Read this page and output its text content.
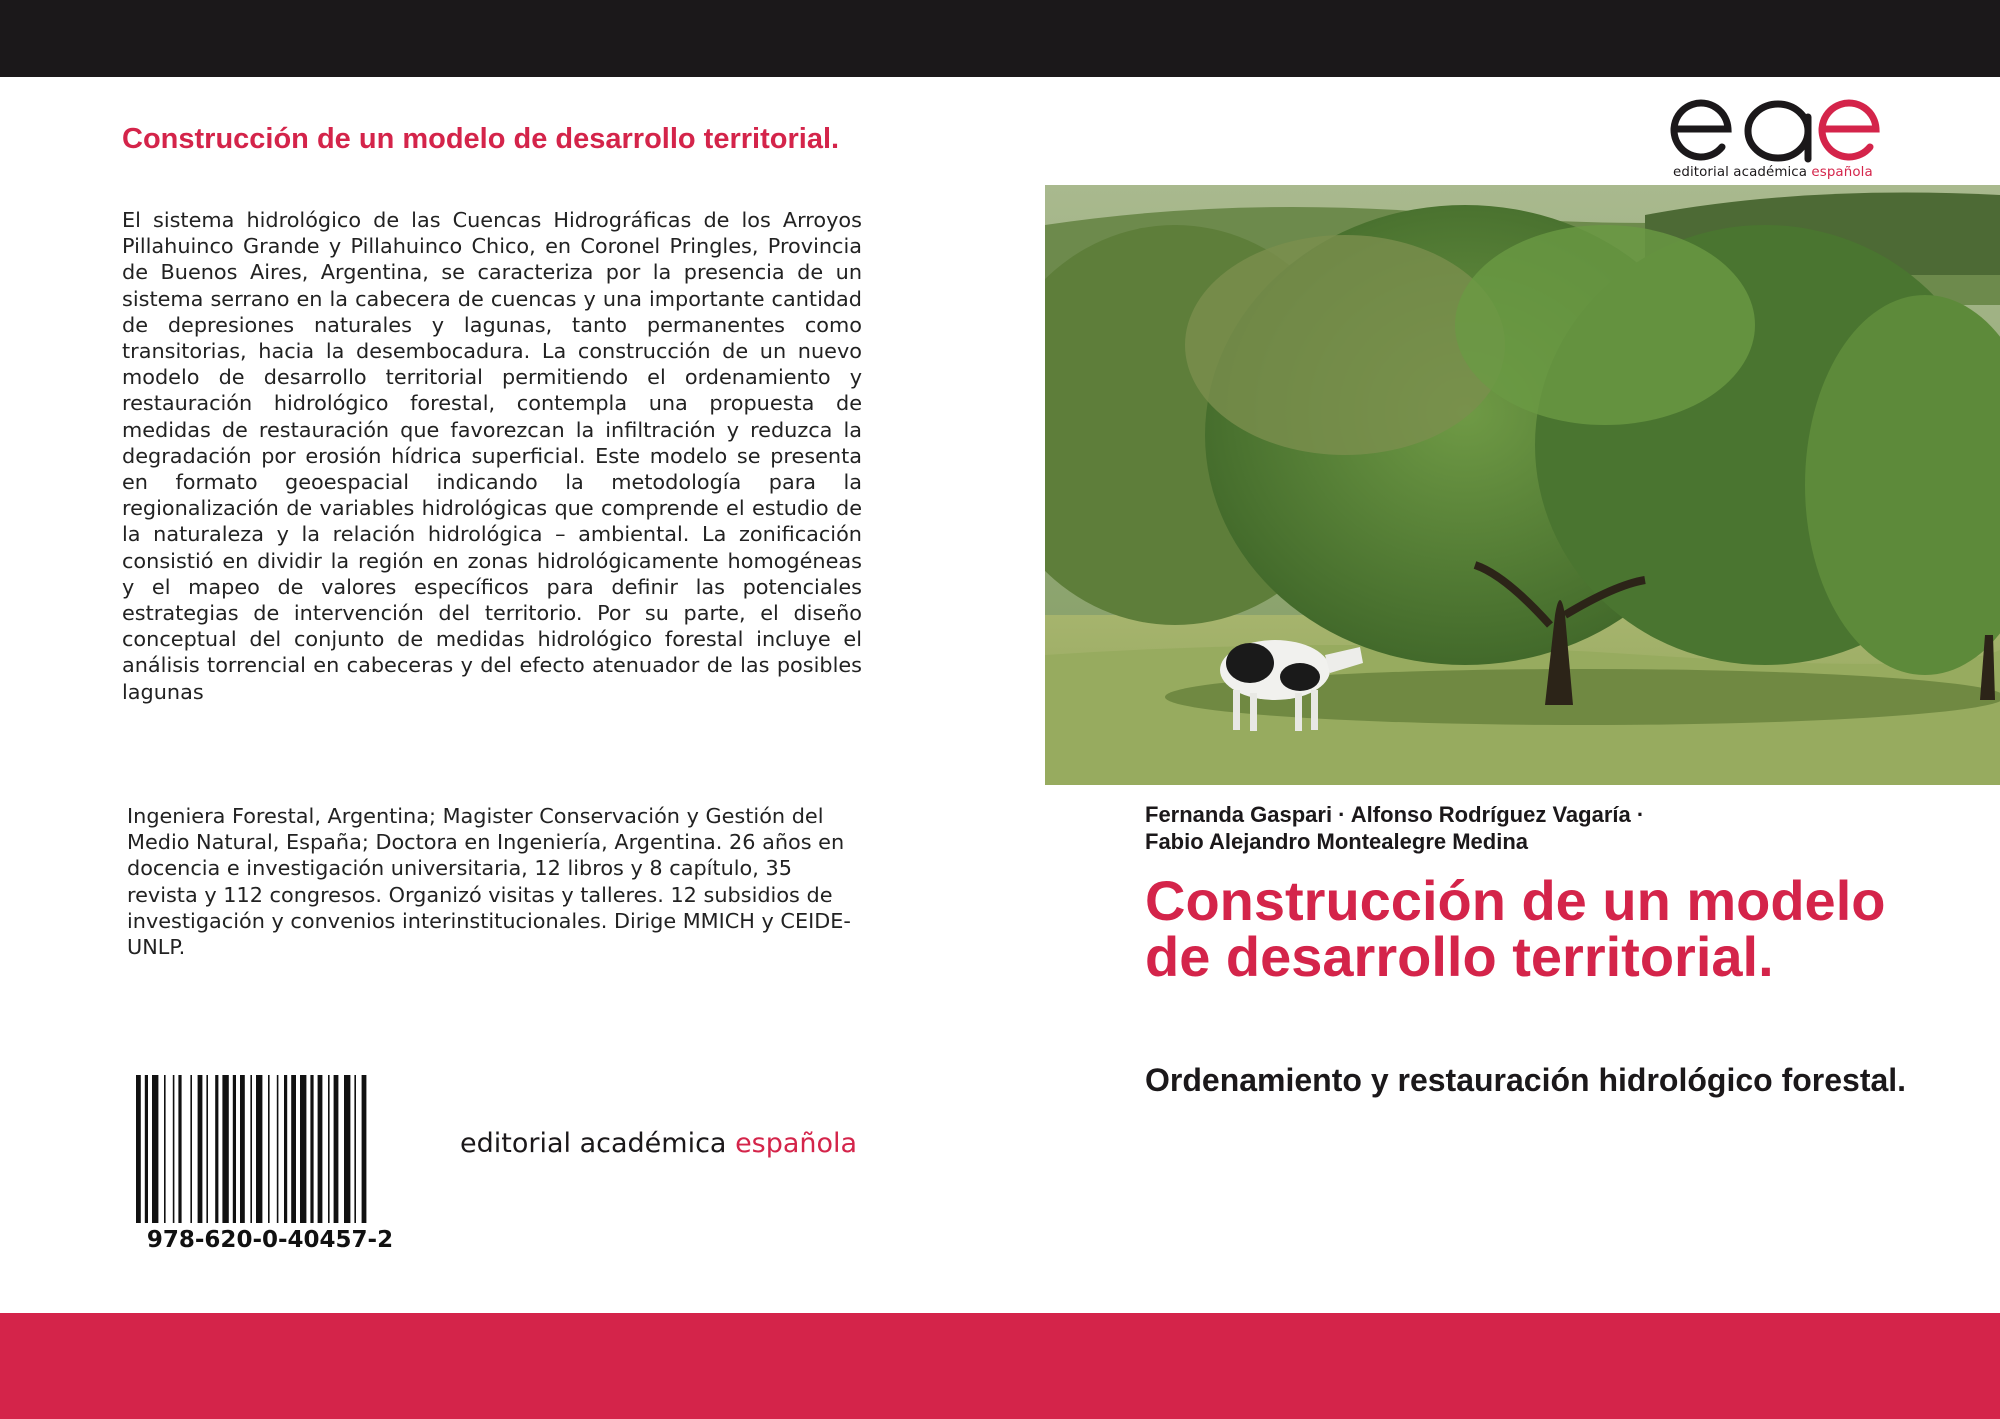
Construcción de un modelo de desarrollo territorial.

El sistema hidrológico de las Cuencas Hidrográficas de los Arroyos Pillahuinco Grande y Pillahuinco Chico, en Coronel Pringles, Provincia de Buenos Aires, Argentina, se caracteriza por la presencia de un sistema serrano en la cabecera de cuencas y una importante cantidad de depresiones naturales y lagunas, tanto permanentes como transitorias, hacia la desembocadura. La construcción de un nuevo modelo de desarrollo territorial permitiendo el ordenamiento y restauración hidrológico forestal, contempla una propuesta de medidas de restauración que favorezcan la infiltración y reduzca la degradación por erosión hídrica superficial. Este modelo se presenta en formato geoespacial indicando la metodología para la regionalización de variables hidrológicas que comprende el estudio de la naturaleza y la relación hidrológica – ambiental. La zonificación consistió en dividir la región en zonas hidrológicamente homogéneas y el mapeo de valores específicos para definir las potenciales estrategias de intervención del territorio. Por su parte, el diseño conceptual del conjunto de medidas hidrológico forestal incluye el análisis torrencial en cabeceras y del efecto atenuador de las posibles lagunas

Ingeniera Forestal, Argentina; Magister Conservación y Gestión del Medio Natural, España; Doctora en Ingeniería, Argentina. 26 años en docencia e investigación universitaria, 12 libros y 8 capítulo, 35 revista y 112 congresos. Organizó visitas y talleres. 12 subsidios de investigación y convenios interinstitucionales. Dirige MMICH y CEIDE-UNLP.

978-620-0-40457-2
editorial académica española
editorial académica española
Fernanda Gaspari · Alfonso Rodríguez Vagaría ·
Fabio Alejandro Montealegre Medina
Construcción de un modelo de desarrollo territorial.
Ordenamiento y restauración hidrológico forestal.
